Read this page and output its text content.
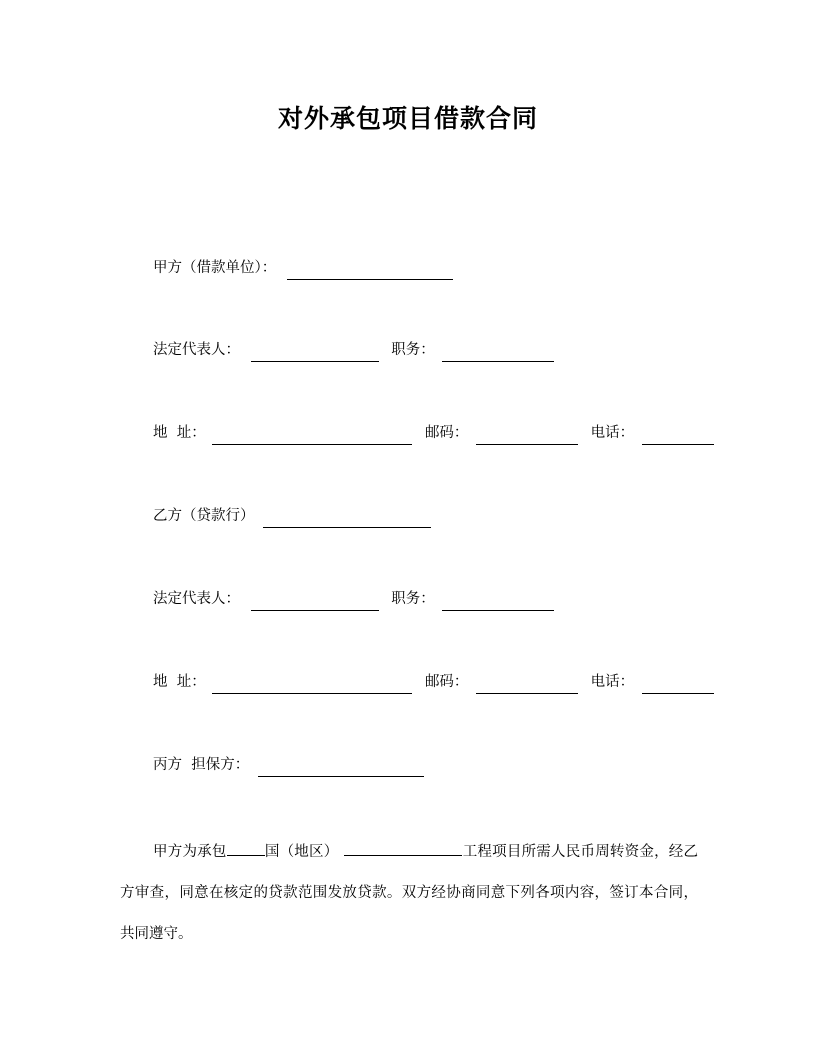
对外承包项目借款合同
甲方（借款单位）：
法定代表人：	职务：
地  址：	邮码：	电话：
乙方（贷款行）
法定代表人：	职务：
地  址：	邮码：	电话：
丙方  担保方：
甲方为承包	国（地区）	工程项目所需人民币周转资金，经乙方审查，同意在核定的贷款范围发放贷款。双方经协商同意下列各项内容，签订本合同，共同遵守。
